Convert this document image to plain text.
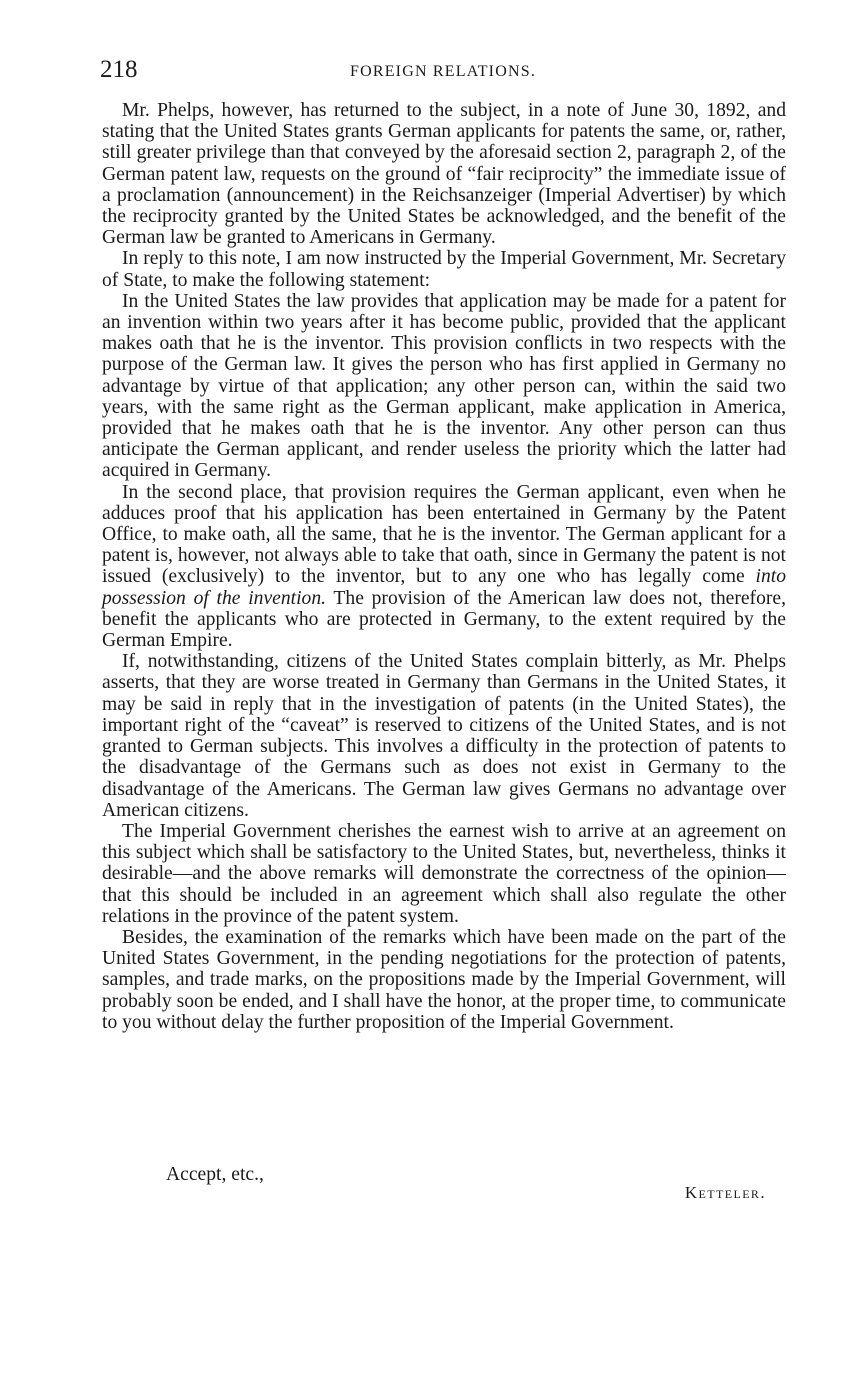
218	FOREIGN RELATIONS.

Mr. Phelps, however, has returned to the subject, in a note of June 30, 1892, and stating that the United States grants German applicants for patents the same, or, rather, still greater privilege than that conveyed by the aforesaid section 2, paragraph 2, of the German patent law, requests on the ground of “fair reciprocity” the immediate issue of a proclamation (announcement) in the Reichsanzeiger (Imperial Advertiser) by which the reciprocity granted by the United States be acknowledged, and the benefit of the German law be granted to Americans in Germany.

In reply to this note, I am now instructed by the Imperial Government, Mr. Secretary of State, to make the following statement:

In the United States the law provides that application may be made for a patent for an invention within two years after it has become public, provided that the applicant makes oath that he is the inventor. This provision conflicts in two respects with the purpose of the German law. It gives the person who has first applied in Germany no advantage by virtue of that application; any other person can, within the said two years, with the same right as the German applicant, make application in America, provided that he makes oath that he is the inventor. Any other person can thus anticipate the German applicant, and render useless the priority which the latter had acquired in Germany.

In the second place, that provision requires the German applicant, even when he adduces proof that his application has been entertained in Germany by the Patent Office, to make oath, all the same, that he is the inventor. The German applicant for a patent is, however, not always able to take that oath, since in Germany the patent is not issued (exclusively) to the inventor, but to any one who has legally come into possession of the invention. The provision of the American law does not, therefore, benefit the applicants who are protected in Germany, to the extent required by the German Empire.

If, notwithstanding, citizens of the United States complain bitterly, as Mr. Phelps asserts, that they are worse treated in Germany than Germans in the United States, it may be said in reply that in the investigation of patents (in the United States), the important right of the “caveat” is reserved to citizens of the United States, and is not granted to German subjects. This involves a difficulty in the protection of patents to the disadvantage of the Germans such as does not exist in Germany to the disadvantage of the Americans. The German law gives Germans no advantage over American citizens.

The Imperial Government cherishes the earnest wish to arrive at an agreement on this subject which shall be satisfactory to the United States, but, nevertheless, thinks it desirable—and the above remarks will demonstrate the correctness of the opinion—that this should be included in an agreement which shall also regulate the other relations in the province of the patent system.

Besides, the examination of the remarks which have been made on the part of the United States Government, in the pending negotiations for the protection of patents, samples, and trade marks, on the propositions made by the Imperial Government, will probably soon be ended, and I shall have the honor, at the proper time, to communicate to you without delay the further proposition of the Imperial Government.

Accept, etc.,
Ketteler.
